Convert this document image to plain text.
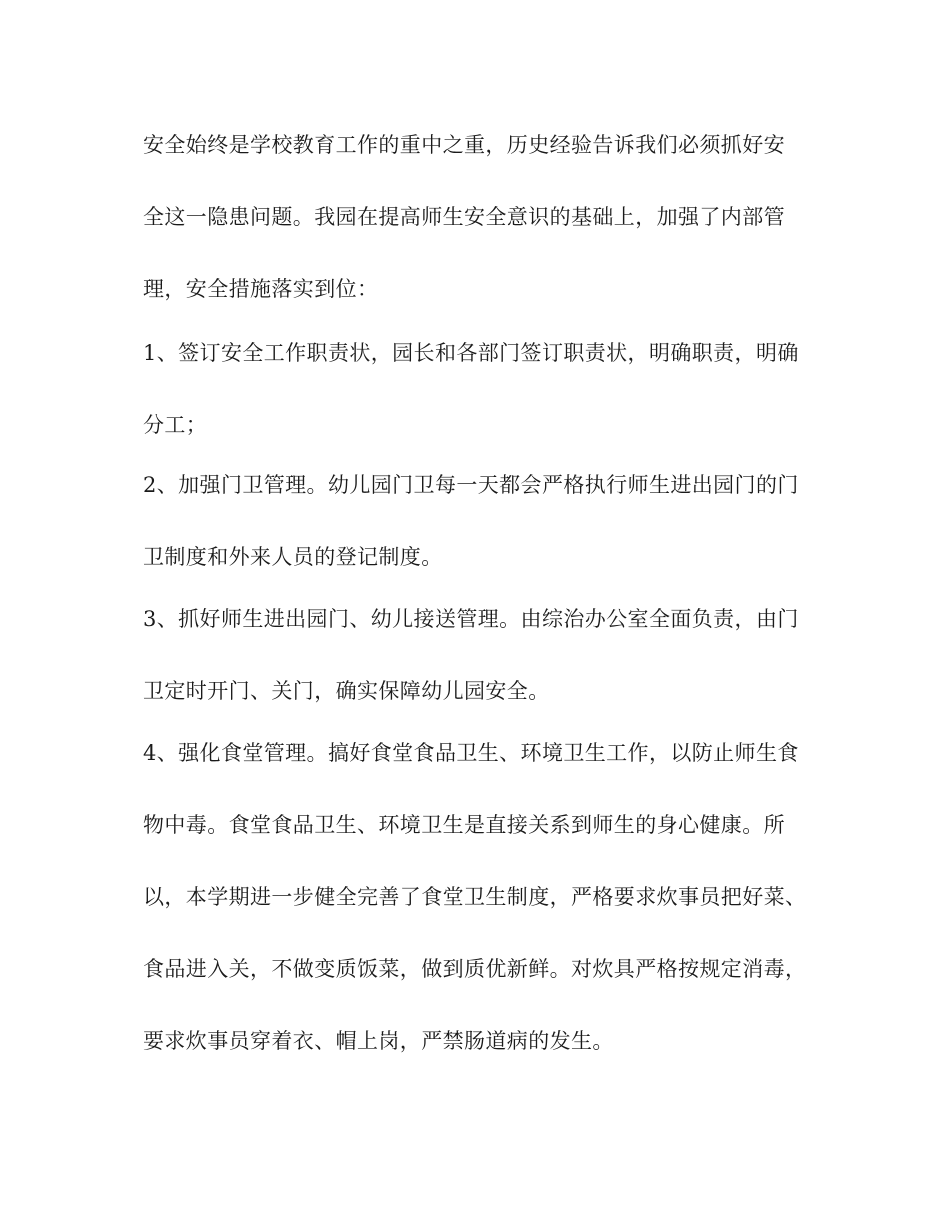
安全始终是学校教育工作的重中之重，历史经验告诉我们必须抓好安
全这一隐患问题。我园在提高师生安全意识的基础上，加强了内部管
理，安全措施落实到位：
1、签订安全工作职责状，园长和各部门签订职责状，明确职责，明确
分工；
2、加强门卫管理。幼儿园门卫每一天都会严格执行师生进出园门的门
卫制度和外来人员的登记制度。
3、抓好师生进出园门、幼儿接送管理。由综治办公室全面负责，由门
卫定时开门、关门，确实保障幼儿园安全。
4、强化食堂管理。搞好食堂食品卫生、环境卫生工作，以防止师生食
物中毒。食堂食品卫生、环境卫生是直接关系到师生的身心健康。所
以，本学期进一步健全完善了食堂卫生制度，严格要求炊事员把好菜、
食品进入关，不做变质饭菜，做到质优新鲜。对炊具严格按规定消毒，
要求炊事员穿着衣、帽上岗，严禁肠道病的发生。
